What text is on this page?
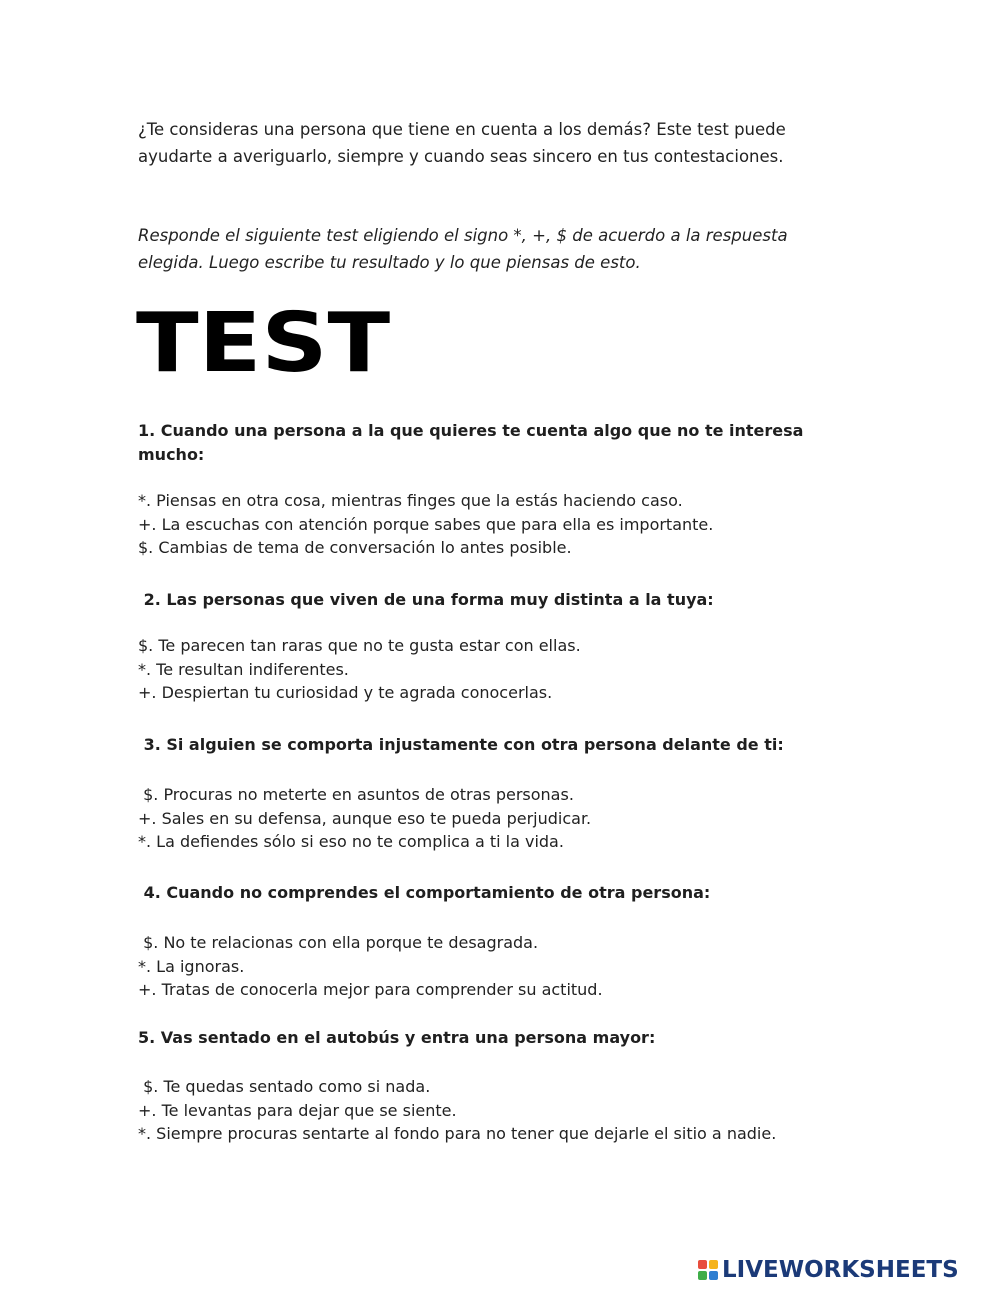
¿Te consideras una persona que tiene en cuenta a los demás? Este test puede
ayudarte a averiguarlo, siempre y cuando seas sincero en tus contestaciones.
Responde el siguiente test eligiendo el signo *, +, $ de acuerdo a la respuesta
elegida. Luego escribe tu resultado y lo que piensas de esto.
TEST
1. Cuando una persona a la que quieres te cuenta algo que no te interesa
mucho:
*. Piensas en otra cosa, mientras finges que la estás haciendo caso.
+. La escuchas con atención porque sabes que para ella es importante.
$. Cambias de tema de conversación lo antes posible.
2. Las personas que viven de una forma muy distinta a la tuya:
$. Te parecen tan raras que no te gusta estar con ellas.
*. Te resultan indiferentes.
+. Despiertan tu curiosidad y te agrada conocerlas.
3. Si alguien se comporta injustamente con otra persona delante de ti:
$. Procuras no meterte en asuntos de otras personas.
+. Sales en su defensa, aunque eso te pueda perjudicar.
*. La defiendes sólo si eso no te complica a ti la vida.
4. Cuando no comprendes el comportamiento de otra persona:
$. No te relacionas con ella porque te desagrada.
*. La ignoras.
+. Tratas de conocerla mejor para comprender su actitud.
5. Vas sentado en el autobús y entra una persona mayor:
$. Te quedas sentado como si nada.
+. Te levantas para dejar que se siente.
*. Siempre procuras sentarte al fondo para no tener que dejarle el sitio a nadie.
LIVEWORKSHEETS
